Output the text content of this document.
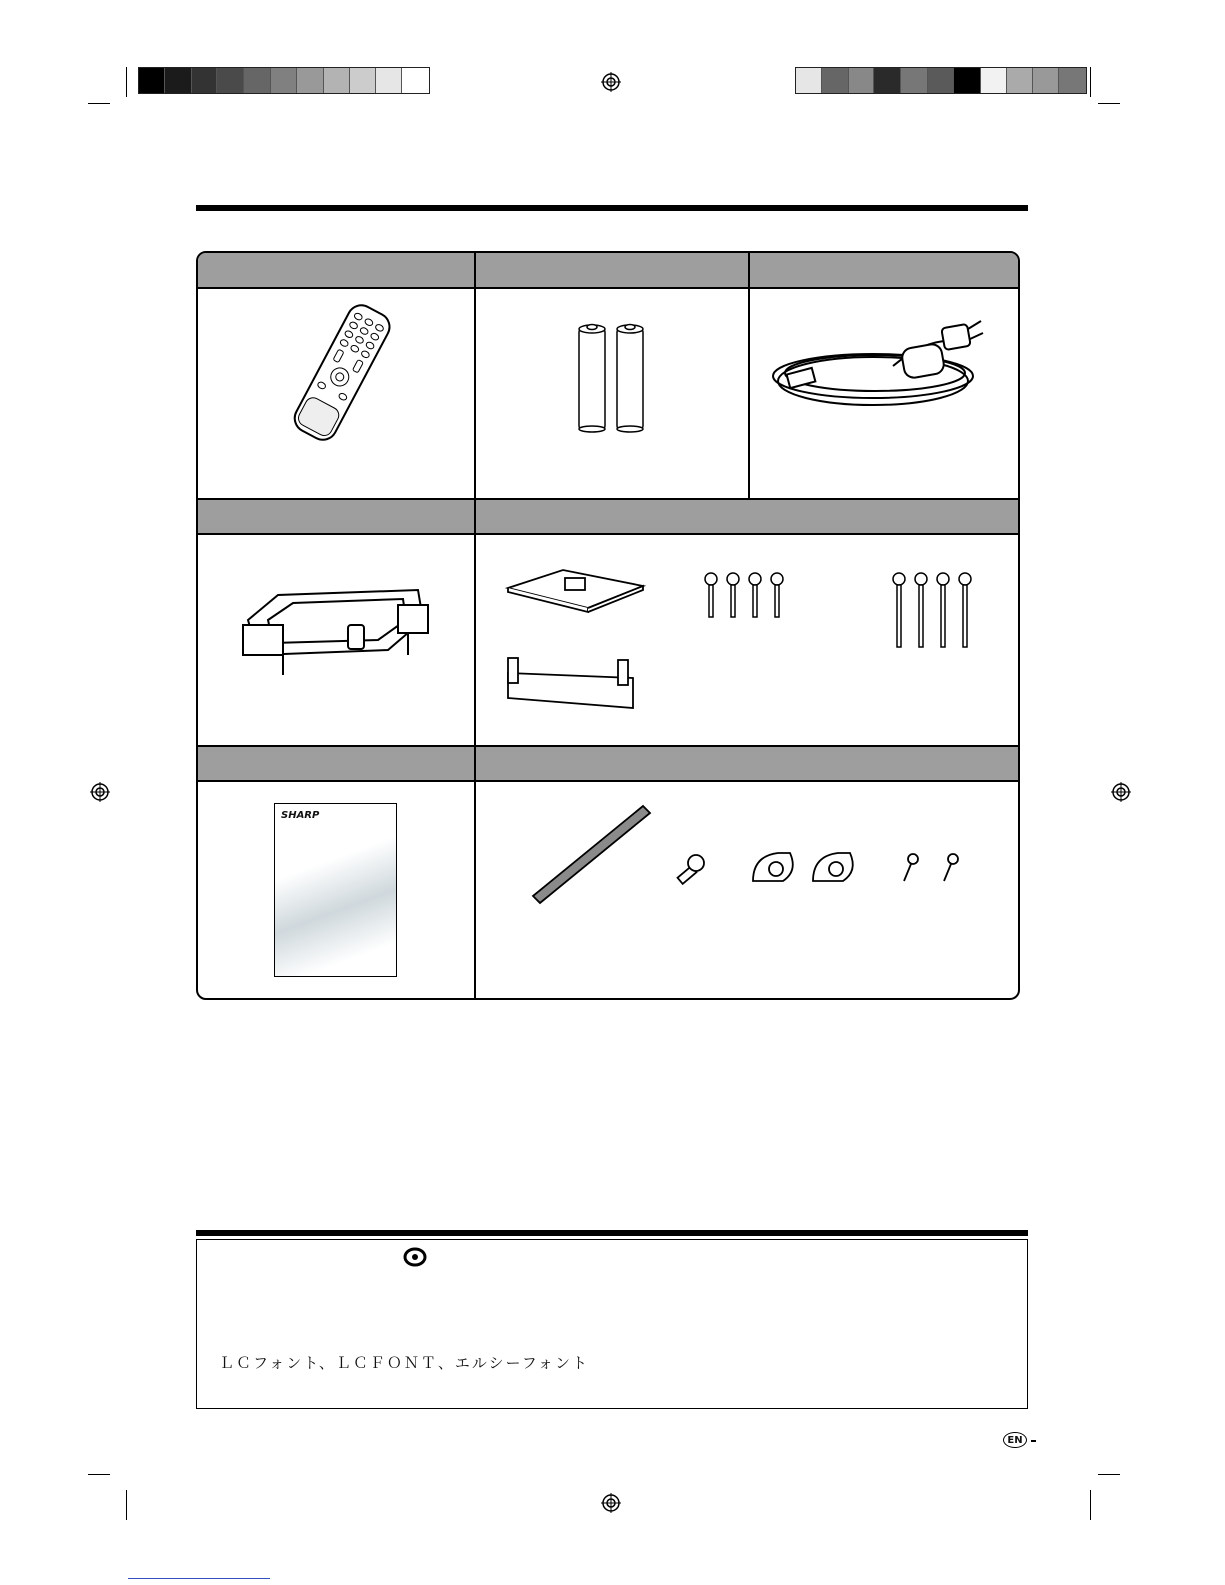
SHARP
ＬＣフォント、ＬＣＦＯＮＴ、エルシーフォント
EN
